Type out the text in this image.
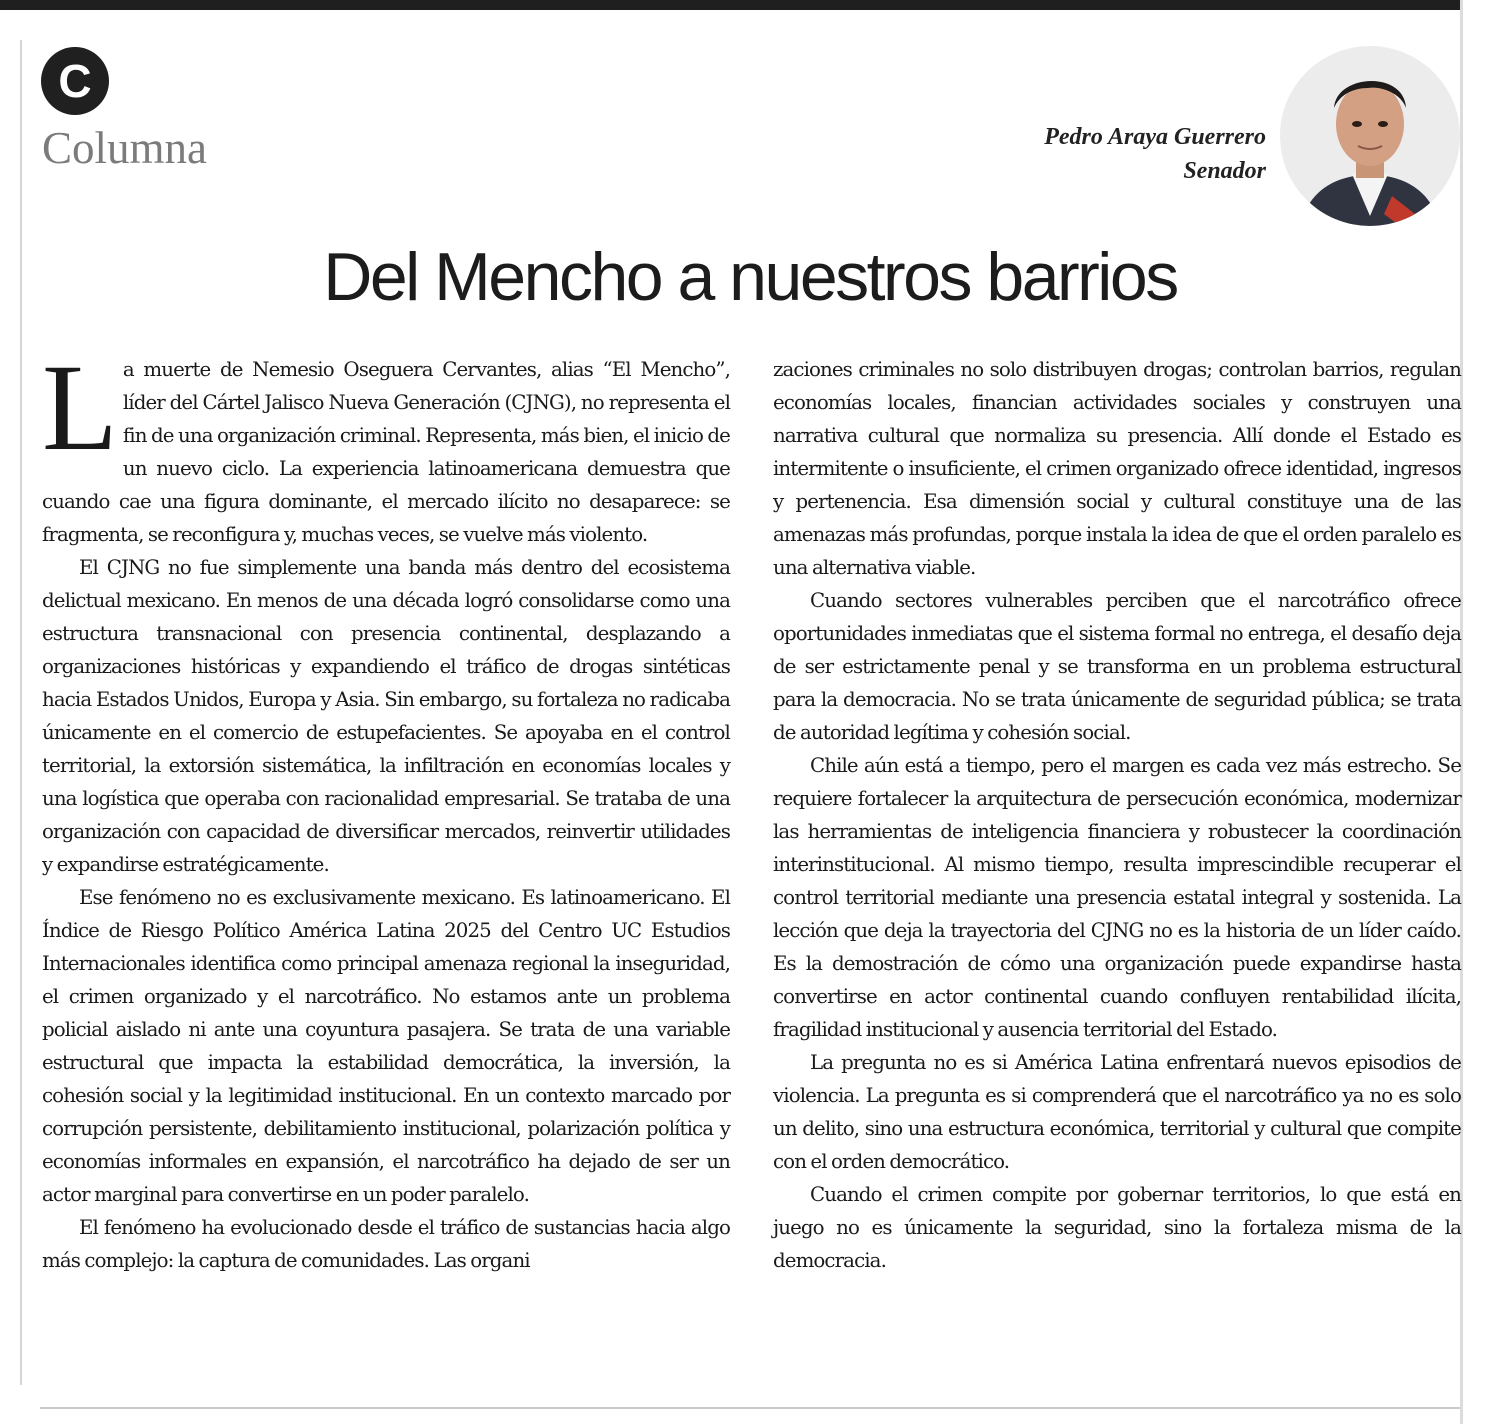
C
Columna	Pedro Araya Guerrero
Senador
Del Mencho a nuestros barrios

La muerte de Nemesio Oseguera Cervantes, alias “El Mencho”, líder del Cártel Jalisco Nueva Generación (CJNG), no representa el fin de una organización criminal. Representa, más bien, el inicio de un nuevo ciclo. La experiencia latinoamericana demuestra que cuando cae una figura dominante, el mercado ilícito no desaparece: se fragmenta, se reconfigura y, muchas veces, se vuelve más violento.

El CJNG no fue simplemente una banda más dentro del ecosistema delictual mexicano. En menos de una década logró consolidarse como una estructura transnacional con presencia continental, desplazando a organizaciones históricas y expandiendo el tráfico de drogas sintéticas hacia Estados Unidos, Europa y Asia. Sin embargo, su fortaleza no radicaba únicamente en el comercio de estupefacientes. Se apoyaba en el control territorial, la extorsión sistemática, la infiltración en economías locales y una logística que operaba con racionalidad empresarial. Se trataba de una organización con capacidad de diversificar mercados, reinvertir utilidades y expandirse estratégicamente.

Ese fenómeno no es exclusivamente mexicano. Es latinoamericano. El Índice de Riesgo Político América Latina 2025 del Centro UC Estudios Internacionales identifica como principal amenaza regional la inseguridad, el crimen organizado y el narcotráfico. No estamos ante un problema policial aislado ni ante una coyuntura pasajera. Se trata de una variable estructural que impacta la estabilidad democrática, la inversión, la cohesión social y la legitimidad institucional. En un contexto marcado por corrupción persistente, debilitamiento institucional, polarización política y economías informales en expansión, el narcotráfico ha dejado de ser un actor marginal para convertirse en un poder paralelo.

El fenómeno ha evolucionado desde el tráfico de sustancias hacia algo más complejo: la captura de comunidades. Las organi

zaciones criminales no solo distribuyen drogas; controlan barrios, regulan economías locales, financian actividades sociales y construyen una narrativa cultural que normaliza su presencia. Allí donde el Estado es intermitente o insuficiente, el crimen organizado ofrece identidad, ingresos y pertenencia. Esa dimensión social y cultural constituye una de las amenazas más profundas, porque instala la idea de que el orden paralelo es una alternativa viable.

Cuando sectores vulnerables perciben que el narcotráfico ofrece oportunidades inmediatas que el sistema formal no entrega, el desafío deja de ser estrictamente penal y se transforma en un problema estructural para la democracia. No se trata únicamente de seguridad pública; se trata de autoridad legítima y cohesión social.

Chile aún está a tiempo, pero el margen es cada vez más estrecho. Se requiere fortalecer la arquitectura de persecución económica, modernizar las herramientas de inteligencia financiera y robustecer la coordinación interinstitucional. Al mismo tiempo, resulta imprescindible recuperar el control territorial mediante una presencia estatal integral y sostenida. La lección que deja la trayectoria del CJNG no es la historia de un líder caído. Es la demostración de cómo una organización puede expandirse hasta convertirse en actor continental cuando confluyen rentabilidad ilícita, fragilidad institucional y ausencia territorial del Estado.

La pregunta no es si América Latina enfrentará nuevos episodios de violencia. La pregunta es si comprenderá que el narcotráfico ya no es solo un delito, sino una estructura económica, territorial y cultural que compite con el orden democrático.

Cuando el crimen compite por gobernar territorios, lo que está en juego no es únicamente la seguridad, sino la fortaleza misma de la democracia.
